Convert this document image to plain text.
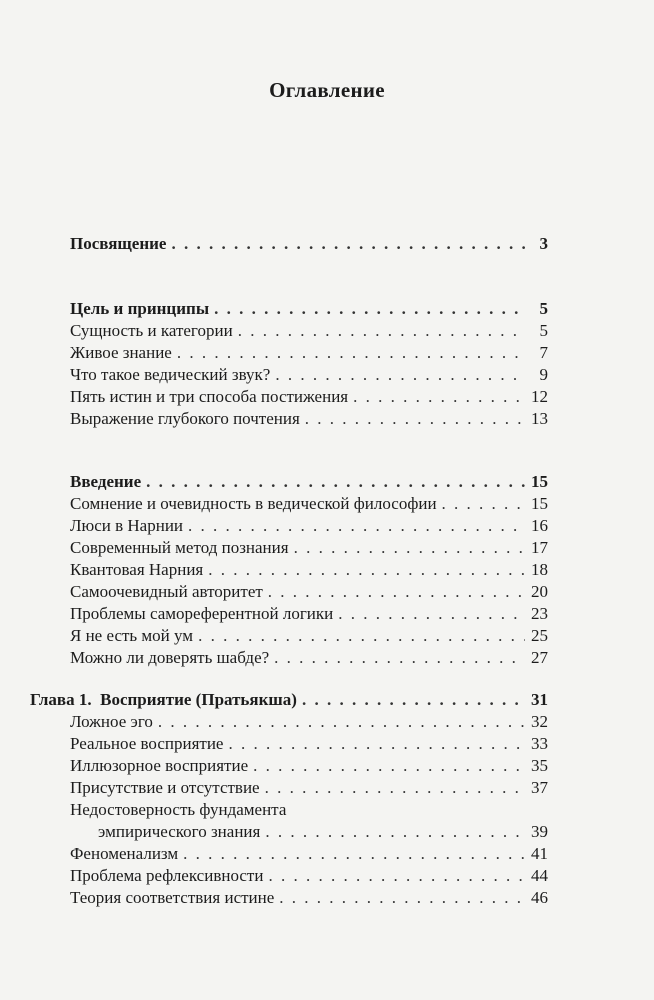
Оглавление
Посвящение . . .	3
Цель и принципы . . .	5
Сущность и категории . . .	5
Живое знание . . .	7
Что такое ведический звук? . . .	9
Пять истин и три способа постижения . . .	12
Выражение глубокого почтения . . .	13
Введение . . .	15
Сомнение и очевидность в ведической философии . . .	15
Люси в Нарнии . . .	16
Современный метод познания . . .	17
Квантовая Нарния . . .	18
Самоочевидный авторитет . . .	20
Проблемы самореферентной логики . . .	23
Я не есть мой ум . . .	25
Можно ли доверять шабде? . . .	27
Глава 1.  Восприятие (Пратьякша) . . .	31
Ложное эго . . .	32
Реальное восприятие . . .	33
Иллюзорное восприятие . . .	35
Присутствие и отсутствие . . .	37
Недостоверность фундамента
эмпирического знания . . .	39
Феноменализм . . .	41
Проблема рефлексивности . . .	44
Теория соответствия истине . . .	46
